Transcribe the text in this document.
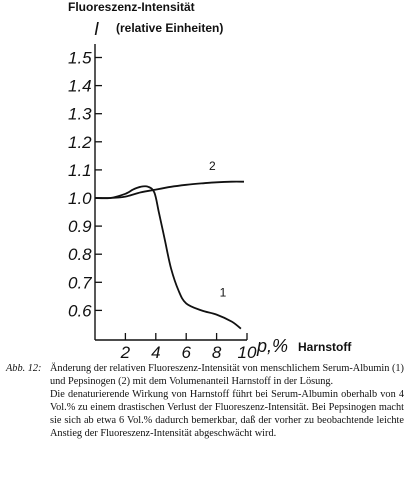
Fluoreszenz-Intensität
(relative Einheiten)
I
1.5
1.4
1.3
1.2
1.1
1.0
0.9
0.8
0.7
0.6
2 4 6 8 10 p,% Harnstoff
1
2
Abb. 12: Änderung der relativen Fluoreszenz-Intensität von menschlichem Serum-Albumin (1) und Pepsinogen (2) mit dem Volumenanteil Harnstoff in der Lösung.

Die denaturierende Wirkung von Harnstoff führt bei Serum-Albumin oberhalb von 4 Vol.% zu einem drastischen Verlust der Fluoreszenz-Intensität. Bei Pepsinogen macht sie sich ab etwa 6 Vol.% dadurch bemerkbar, daß der vorher zu beobachtende leichte Anstieg der Fluoreszenz-Intensität abgeschwächt wird.
